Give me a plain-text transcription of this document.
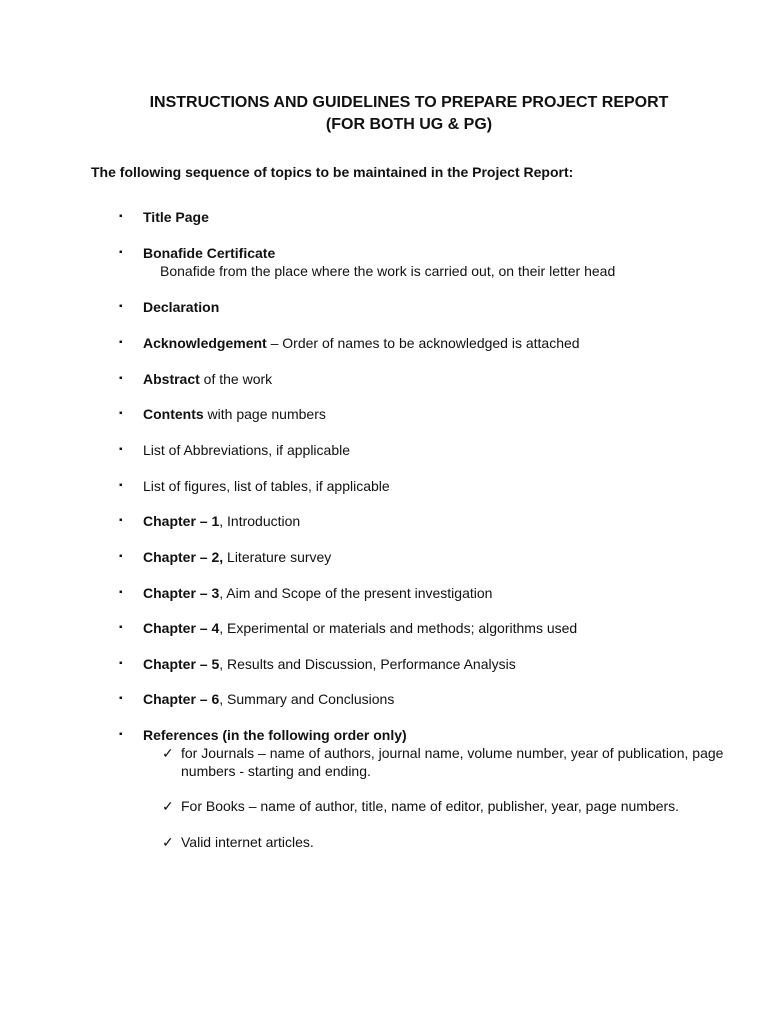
INSTRUCTIONS AND GUIDELINES TO PREPARE PROJECT REPORT
(FOR BOTH UG & PG)
The following sequence of topics to be maintained in the Project Report:
▪	Title Page
▪	Bonafide Certificate
Bonafide from the place where the work is carried out, on their letter head
▪	Declaration
▪	Acknowledgement – Order of names to be acknowledged is attached
▪	Abstract of the work
▪	Contents with page numbers
▪	List of Abbreviations, if applicable
▪	List of figures, list of tables, if applicable
▪	Chapter – 1, Introduction
▪	Chapter – 2, Literature survey
▪	Chapter – 3, Aim and Scope of the present investigation
▪	Chapter – 4, Experimental or materials and methods; algorithms used
▪	Chapter – 5, Results and Discussion, Performance Analysis
▪	Chapter – 6, Summary and Conclusions
▪	References (in the following order only)
✓ for Journals – name of authors, journal name, volume number, year of publication, page numbers - starting and ending.
✓ For Books – name of author, title, name of editor, publisher, year, page numbers.
✓ Valid internet articles.
